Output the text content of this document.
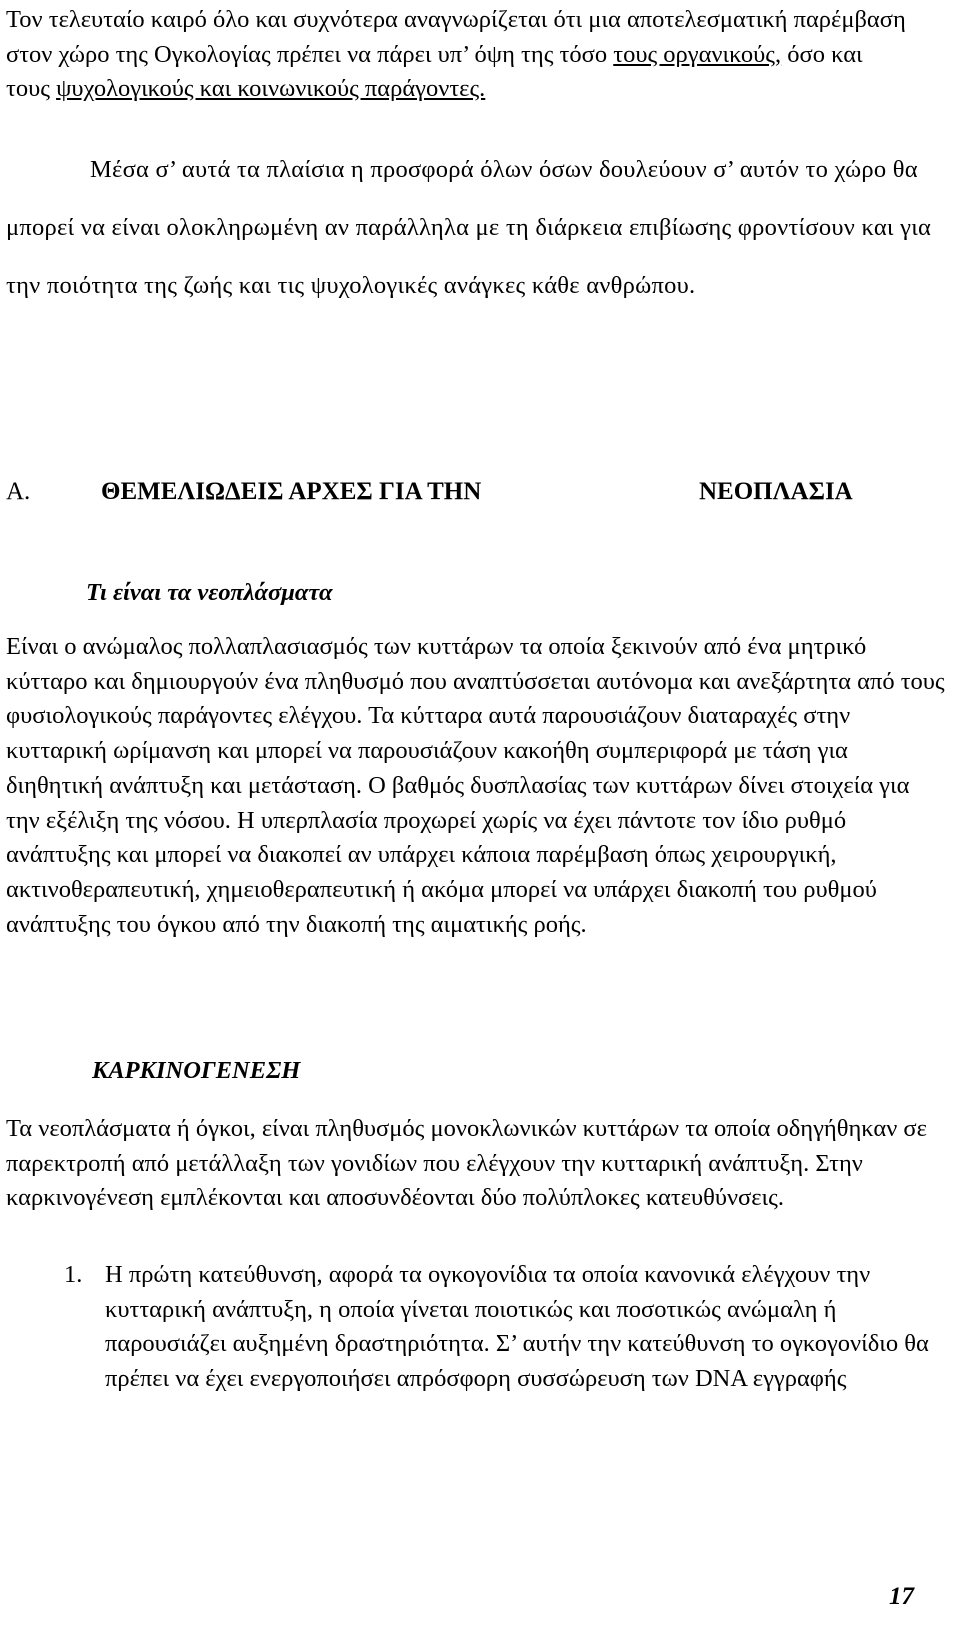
Τον τελευταίο καιρό όλο και συχνότερα αναγνωρίζεται ότι μια αποτελεσματική παρέμβαση στον χώρο της Ογκολογίας πρέπει να πάρει υπ’ όψη της τόσο τους οργανικούς, όσο και τους ψυχολογικούς και κοινωνικούς παράγοντες.

Μέσα σ’ αυτά τα πλαίσια η προσφορά όλων όσων δουλεύουν σ’ αυτόν το χώρο θα μπορεί να είναι ολοκληρωμένη αν παράλληλα με τη διάρκεια επιβίωσης φροντίσουν και για την ποιότητα της ζωής και τις ψυχολογικές ανάγκες κάθε ανθρώπου.

Α.	ΘΕΜΕΛΙΩΔΕΙΣ ΑΡΧΕΣ ΓΙΑ ΤΗΝ	ΝΕΟΠΛΑΣΙΑ
Τι είναι τα νεοπλάσματα

Είναι ο ανώμαλος πολλαπλασιασμός των κυττάρων τα οποία ξεκινούν από ένα μητρικό κύτταρο και δημιουργούν ένα πληθυσμό που αναπτύσσεται αυτόνομα και ανεξάρτητα από τους φυσιολογικούς παράγοντες ελέγχου. Τα κύτταρα αυτά παρουσιάζουν διαταραχές στην κυτταρική ωρίμανση και μπορεί να παρουσιάζουν κακοήθη συμπεριφορά με τάση για διηθητική ανάπτυξη και μετάσταση. Ο βαθμός δυσπλασίας των κυττάρων δίνει στοιχεία για την εξέλιξη της νόσου. Η υπερπλασία προχωρεί χωρίς να έχει πάντοτε τον ίδιο ρυθμό ανάπτυξης και μπορεί να διακοπεί αν υπάρχει κάποια παρέμβαση όπως χειρουργική, ακτινοθεραπευτική, χημειοθεραπευτική ή ακόμα μπορεί να υπάρχει διακοπή του ρυθμού ανάπτυξης του όγκου από την διακοπή της αιματικής ροής.

ΚΑΡΚΙΝΟΓΕΝΕΣΗ

Τα νεοπλάσματα ή όγκοι, είναι πληθυσμός μονοκλωνικών κυττάρων τα οποία οδηγήθηκαν σε παρεκτροπή από μετάλλαξη των γονιδίων που ελέγχουν την κυτταρική ανάπτυξη. Στην καρκινογένεση εμπλέκονται και αποσυνδέονται δύο πολύπλοκες κατευθύνσεις.

1. Η πρώτη κατεύθυνση, αφορά τα ογκογονίδια τα οποία κανονικά ελέγχουν την κυτταρική ανάπτυξη, η οποία γίνεται ποιοτικώς και ποσοτικώς ανώμαλη ή παρουσιάζει αυξημένη δραστηριότητα. Σ’ αυτήν την κατεύθυνση το ογκογονίδιο θα πρέπει να έχει ενεργοποιήσει απρόσφορη συσσώρευση των DNA εγγραφής

17
